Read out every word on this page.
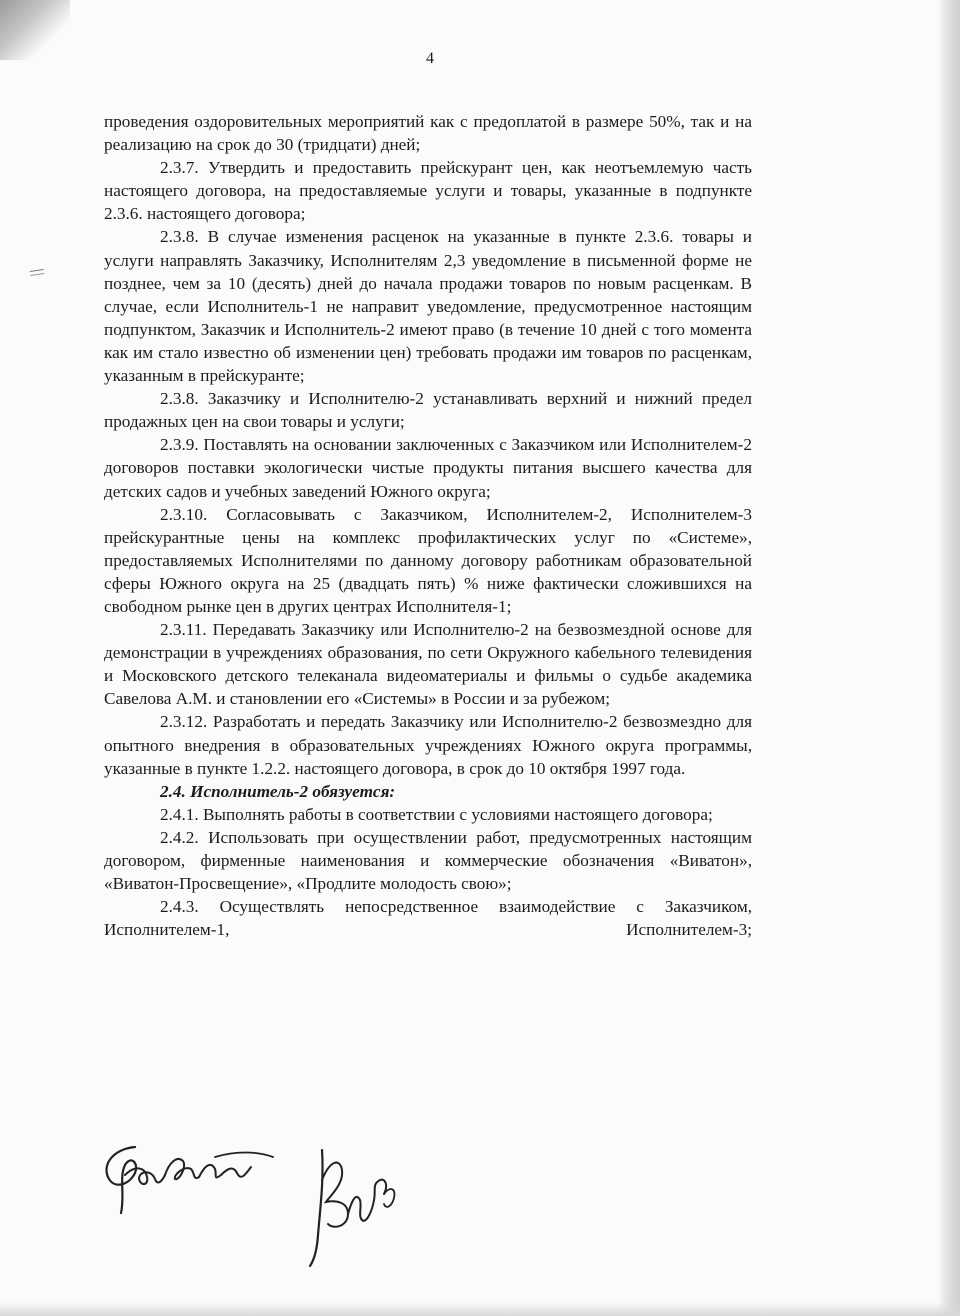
4

проведения оздоровительных мероприятий как с предоплатой в размере 50%, так и на реализацию на срок до 30 (тридцати) дней;

2.3.7. Утвердить и предоставить прейскурант цен, как неотъемлемую часть настоящего договора, на предоставляемые услуги и товары, указанные в подпункте 2.3.6. настоящего договора;

2.3.8. В случае изменения расценок на указанные в пункте 2.3.6. товары и услуги направлять Заказчику, Исполнителям 2,3 уведомление в письменной форме не позднее, чем за 10 (десять) дней до начала продажи товаров по новым расценкам. В случае, если Исполнитель-1 не направит уведомление, предусмотренное настоящим подпунктом, Заказчик и Исполнитель-2 имеют право (в течение 10 дней с того момента как им стало известно об изменении цен) требовать продажи им товаров по расценкам, указанным в прейскуранте;

2.3.8. Заказчику и Исполнителю-2 устанавливать верхний и нижний предел продажных цен на свои товары и услуги;

2.3.9. Поставлять на основании заключенных с Заказчиком или Исполнителем-2 договоров поставки экологически чистые продукты питания высшего качества для детских садов и учебных заведений Южного округа;

2.3.10. Согласовывать с Заказчиком, Исполнителем-2, Исполнителем-3 прейскурантные цены на комплекс профилактических услуг по «Системе», предоставляемых Исполнителями по данному договору работникам образовательной сферы Южного округа на 25 (двадцать пять) % ниже фактически сложившихся на свободном рынке цен в других центрах Исполнителя-1;

2.3.11. Передавать Заказчику или Исполнителю-2 на безвозмездной основе для демонстрации в учреждениях образования, по сети Окружного кабельного телевидения и Московского детского телеканала видеоматериалы и фильмы о судьбе академика Савелова А.М. и становлении его «Системы» в России и за рубежом;

2.3.12. Разработать и передать Заказчику или Исполнителю-2 безвозмездно для опытного внедрения в образовательных учреждениях Южного округа программы, указанные в пункте 1.2.2. настоящего договора, в срок до 10 октября 1997 года.

2.4. Исполнитель-2 обязуется:

2.4.1. Выполнять работы в соответствии с условиями настоящего договора;

2.4.2. Использовать при осуществлении работ, предусмотренных настоящим договором, фирменные наименования и коммерческие обозначения «Виватон», «Виватон-Просвещение», «Продлите молодость свою»;

2.4.3. Осуществлять непосредственное взаимодействие с Заказчиком, Исполнителем-1, Исполнителем-3;
